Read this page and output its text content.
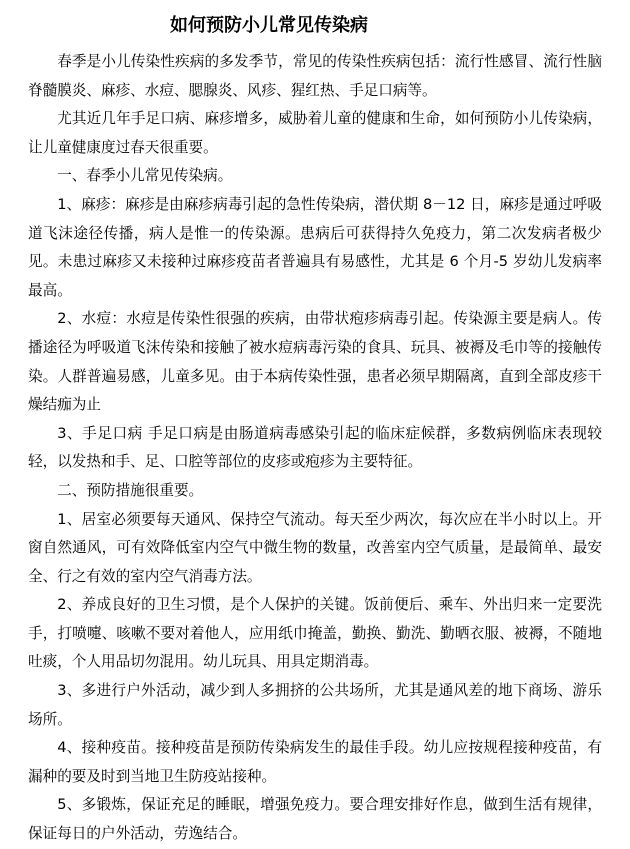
如何预防小儿常见传染病

春季是小儿传染性疾病的多发季节，常见的传染性疾病包括：流行性感冒、流行性脑脊髓膜炎、麻疹、水痘、腮腺炎、风疹、猩红热、手足口病等。

尤其近几年手足口病、麻疹增多，威胁着儿童的健康和生命，如何预防小儿传染病，让儿童健康度过春天很重要。

一、春季小儿常见传染病。

1、麻疹：麻疹是由麻疹病毒引起的急性传染病，潜伏期 8－12 日，麻疹是通过呼吸道飞沫途径传播，病人是惟一的传染源。患病后可获得持久免疫力，第二次发病者极少见。未患过麻疹又未接种过麻疹疫苗者普遍具有易感性，尤其是 6 个月-5 岁幼儿发病率最高。

2、水痘：水痘是传染性很强的疾病，由带状疱疹病毒引起。传染源主要是病人。传播途径为呼吸道飞沫传染和接触了被水痘病毒污染的食具、玩具、被褥及毛巾等的接触传染。人群普遍易感，儿童多见。由于本病传染性强，患者必须早期隔离，直到全部皮疹干燥结痂为止

3、手足口病 手足口病是由肠道病毒感染引起的临床症候群，多数病例临床表现较轻，以发热和手、足、口腔等部位的皮疹或疱疹为主要特征。

二、预防措施很重要。

1、居室必须要每天通风、保持空气流动。每天至少两次，每次应在半小时以上。开窗自然通风，可有效降低室内空气中微生物的数量，改善室内空气质量，是最简单、最安全、行之有效的室内空气消毒方法。

2、养成良好的卫生习惯，是个人保护的关键。饭前便后、乘车、外出归来一定要洗手，打喷嚏、咳嗽不要对着他人，应用纸巾掩盖，勤换、勤洗、勤晒衣服、被褥，不随地吐痰，个人用品切勿混用。幼儿玩具、用具定期消毒。

3、多进行户外活动，减少到人多拥挤的公共场所，尤其是通风差的地下商场、游乐场所。

4、接种疫苗。接种疫苗是预防传染病发生的最佳手段。幼儿应按规程接种疫苗，有漏种的要及时到当地卫生防疫站接种。

5、多锻炼，保证充足的睡眠，增强免疫力。要合理安排好作息，做到生活有规律，保证每日的户外活动，劳逸结合。
